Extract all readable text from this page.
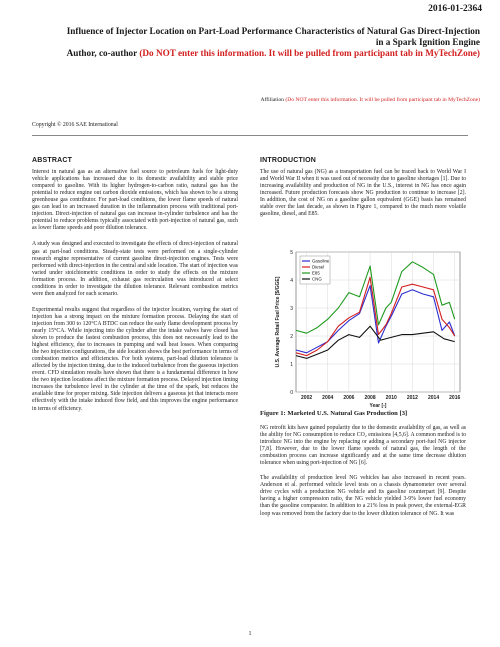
2016-01-2364
Influence of Injector Location on Part-Load Performance Characteristics of Natural Gas Direct-Injection in a Spark Ignition Engine
Author, co-author (Do NOT enter this information. It will be pulled from participant tab in MyTechZone)
Affiliation (Do NOT enter this information. It will be pulled from participant tab in MyTechZone)
Copyright © 2016 SAE International
ABSTRACT

Interest in natural gas as an alternative fuel source to petroleum fuels for light-duty vehicle applications has increased due to its domestic availability and stable price compared to gasoline. With its higher hydrogen-to-carbon ratio, natural gas has the potential to reduce engine out carbon dioxide emissions, which has shown to be a strong greenhouse gas contributor. For part-load conditions, the lower flame speeds of natural gas can lead to an increased duration in the inflammation process with traditional port-injection. Direct-injection of natural gas can increase in-cylinder turbulence and has the potential to reduce problems typically associated with port-injection of natural gas, such as lower flame speeds and poor dilution tolerance.

A study was designed and executed to investigate the effects of direct-injection of natural gas at part-load conditions. Steady-state tests were performed on a single-cylinder research engine representative of current gasoline direct-injection engines. Tests were performed with direct-injection in the central and side location. The start of injection was varied under stoichiometric conditions in order to study the effects on the mixture formation process. In addition, exhaust gas recirculation was introduced at select conditions in order to investigate the dilution tolerance. Relevant combustion metrics were then analyzed for each scenario.

Experimental results suggest that regardless of the injector location, varying the start of injection has a strong impact on the mixture formation process. Delaying the start of injection from 300 to 120°CA BTDC can reduce the early flame development process by nearly 15°CA. While injecting into the cylinder after the intake valves have closed has shown to produce the fastest combustion process, this does not necessarily lead to the highest efficiency, due to increases in pumping and wall heat losses. When comparing the two injection configurations, the side location shows the best performance in terms of combustion metrics and efficiencies. For both systems, part-load dilution tolerance is affected by the injection timing, due to the induced turbulence from the gaseous injection event. CFD simulation results have shown that there is a fundamental difference in how the two injection locations affect the mixture formation process. Delayed injection timing increases the turbulence level in the cylinder at the time of the spark, but reduces the available time for proper mixing. Side injection delivers a gaseous jet that interacts more effectively with the intake induced flow field, and this improves the engine performance in terms of efficiency.

INTRODUCTION

The use of natural gas (NG) as a transportation fuel can be traced back to World War I and World War II when it was used out of necessity due to gasoline shortages [1]. Due to increasing availability and production of NG in the U.S., interest in NG has once again increased. Future production forecasts show NG production to continue to increase [2]. In addition, the cost of NG on a gasoline gallon equivalent (GGE) basis has remained stable over the last decade, as shown in Figure 1, compared to the much more volatile gasoline, diesel, and E85.

0
1
2
3
4
5
2002 2004 2006 2008 2010 2012 2014 2016
Year [-]
U.S. Average Retail Fuel Price [$/GGE]
Gasoline
Diesel
E85
CNG
Figure 1: Marketed U.S. Natural Gas Production [3]

NG retrofit kits have gained popularity due to the domestic availability of gas, as well as the ability for NG consumption to reduce CO₂ emissions [4,5,6]. A common method is to introduce NG into the engine by replacing or adding a secondary port-fuel NG injector [7,8]. However, due to the lower flame speeds of natural gas, the length of the combustion process can increase significantly and at the same time decrease dilution tolerance when using port-injection of NG [6].

The availability of production level NG vehicles has also increased in recent years. Anderson et al. performed vehicle level tests on a chassis dynamometer over several drive cycles with a production NG vehicle and its gasoline counterpart [9]. Despite having a higher compression ratio, the NG vehicle yielded 3-9% lower fuel economy than the gasoline comparator. In addition to a 21% loss in peak power, the external-EGR loop was removed from the factory due to the lower dilution tolerance of NG. It was

1
